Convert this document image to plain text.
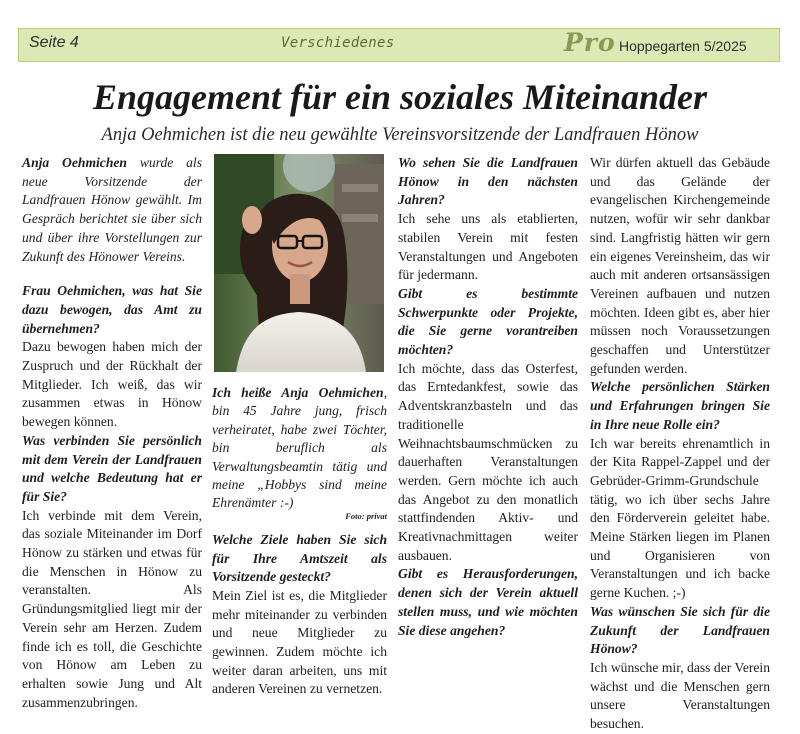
Seite 4	Verschiedenes	Pro Hoppegarten 5/2025
Engagement für ein soziales Miteinander
Anja Oehmichen ist die neu gewählte Vereinsvorsitzende der Landfrauen Hönow

Anja Oehmichen wurde als neue Vorsitzende der Landfrauen Hönow gewählt. Im Gespräch berichtet sie über sich und über ihre Vorstellungen zur Zukunft des Hönower Vereins.

Frau Oehmichen, was hat Sie dazu bewogen, das Amt zu übernehmen?

Dazu bewogen haben mich der Zuspruch und der Rückhalt der Mitglieder. Ich weiß, das wir zusammen etwas in Hönow bewegen können.

Was verbinden Sie persönlich mit dem Verein der Landfrauen und welche Bedeutung hat er für Sie?

Ich verbinde mit dem Verein, das soziale Miteinander im Dorf Hönow zu stärken und etwas für die Menschen in Hönow zu veranstalten. Als Gründungsmitglied liegt mir der Verein sehr am Herzen. Zudem finde ich es toll, die Geschichte von Hönow am Leben zu erhalten sowie Jung und Alt zusammenzubringen.

Ich heiße Anja Oehmichen, bin 45 Jahre jung, frisch verheiratet, habe zwei Töchter, bin beruflich als Verwaltungsbeamtin tätig und meine „Hobbys sind meine Ehrenämter :-)

Foto: privat

Welche Ziele haben Sie sich für Ihre Amtszeit als Vorsitzende gesteckt?

Mein Ziel ist es, die Mitglieder mehr miteinander zu verbinden und neue Mitglieder zu gewinnen. Zudem möchte ich weiter daran arbeiten, uns mit anderen Vereinen zu vernetzen.

Wo sehen Sie die Landfrauen Hönow in den nächsten Jahren?

Ich sehe uns als etablierten, stabilen Verein mit festen Veranstaltungen und Angeboten für jedermann.

Gibt es bestimmte Schwerpunkte oder Projekte, die Sie gerne vorantreiben möchten?

Ich möchte, dass das Osterfest, das Erntedankfest, sowie das Adventskranzbasteln und das traditionelle Weihnachtsbaumschmücken zu dauerhaften Veranstaltungen werden. Gern möchte ich auch das Angebot zu den monatlich stattfindenden Aktiv- und Kreativnachmittagen weiter ausbauen.

Gibt es Herausforderungen, denen sich der Verein aktuell stellen muss, und wie möchten Sie diese angehen?

Wir dürfen aktuell das Gebäude und das Gelände der evangelischen Kirchengemeinde nutzen, wofür wir sehr dankbar sind. Langfristig hätten wir gern ein eigenes Vereinsheim, das wir auch mit anderen ortsansässigen Vereinen aufbauen und nutzen möchten. Ideen gibt es, aber hier müssen noch Voraussetzungen geschaffen und Unterstützer gefunden werden.

Welche persönlichen Stärken und Erfahrungen bringen Sie in Ihre neue Rolle ein?

Ich war bereits ehrenamtlich in der Kita Rappel-Zappel und der Gebrüder-Grimm-Grundschule tätig, wo ich über sechs Jahre den Förderverein geleitet habe. Meine Stärken liegen im Planen und Organisieren von Veranstaltungen und ich backe gerne Kuchen. ;-)

Was wünschen Sie sich für die Zukunft der Landfrauen Hönow?

Ich wünsche mir, dass der Verein wächst und die Menschen gern unsere Veranstaltungen besuchen.
